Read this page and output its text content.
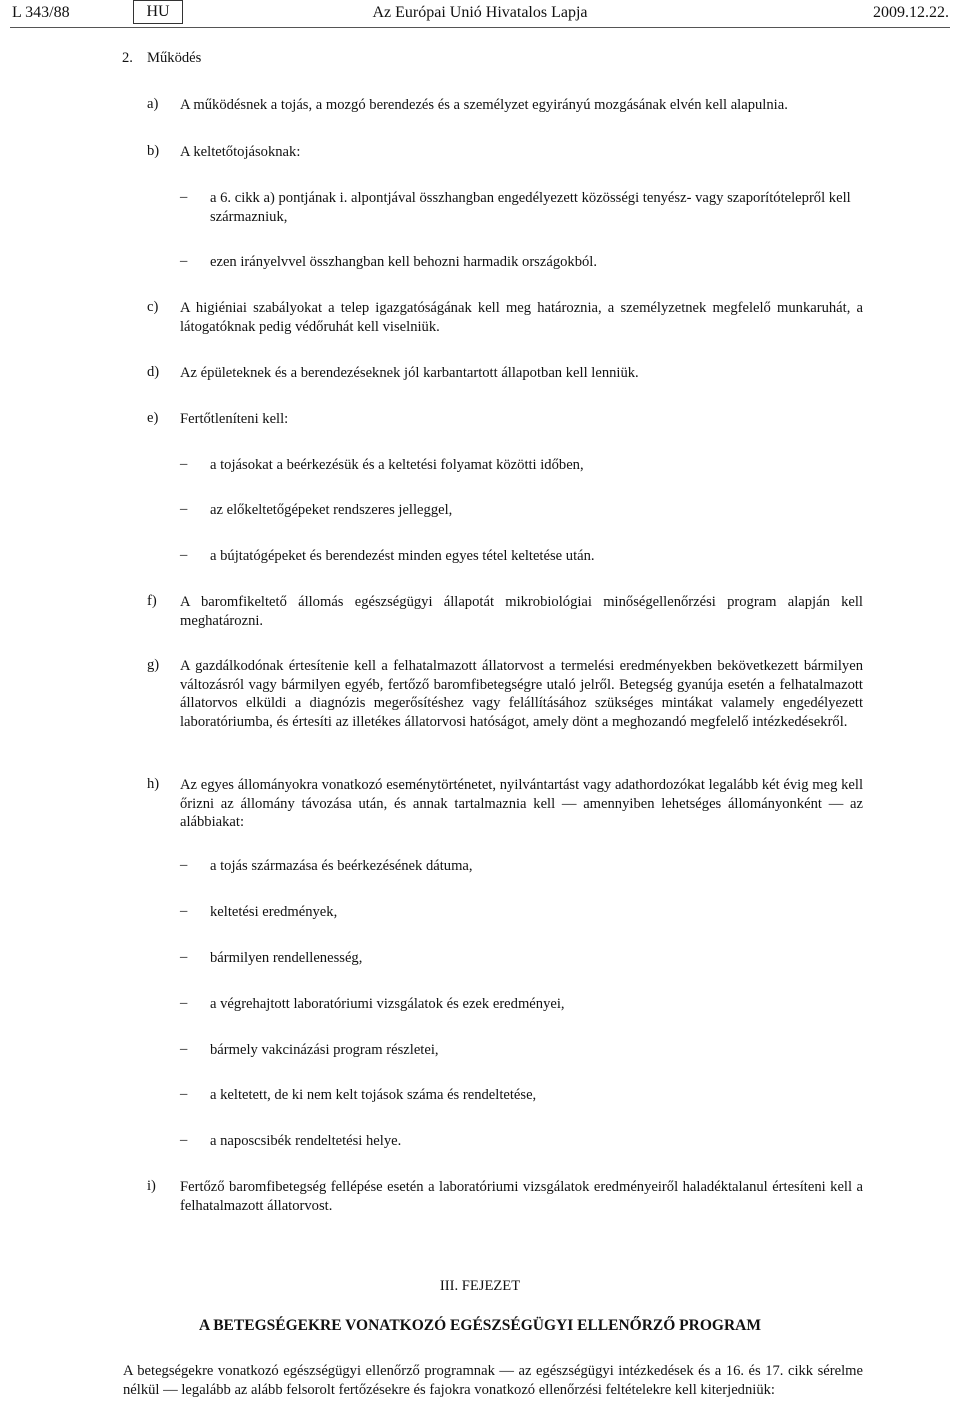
L 343/88	HU	Az Európai Unió Hivatalos Lapja	2009.12.22.
2. Működés
a) A működésnek a tojás, a mozgó berendezés és a személyzet egyirányú mozgásának elvén kell alapulnia.
b) A keltetőtojásoknak:
– a 6. cikk a) pontjának i. alpontjával összhangban engedélyezett közösségi tenyész- vagy szaporítótelepről kell származniuk,
– ezen irányelvvel összhangban kell behozni harmadik országokból.
c) A higiéniai szabályokat a telep igazgatóságának kell meg határoznia, a személyzetnek megfelelő munkaruhát, a látogatóknak pedig védőruhát kell viselniük.
d) Az épületeknek és a berendezéseknek jól karbantartott állapotban kell lenniük.
e) Fertőtleníteni kell:
– a tojásokat a beérkezésük és a keltetési folyamat közötti időben,
– az előkeltetőgépeket rendszeres jelleggel,
– a bújtatógépeket és berendezést minden egyes tétel keltetése után.
f) A baromfikeltető állomás egészségügyi állapotát mikrobiológiai minőségellenőrzési program alapján kell meghatározni.
g) A gazdálkodónak értesítenie kell a felhatalmazott állatorvost a termelési eredményekben bekövetkezett bármilyen változásról vagy bármilyen egyéb, fertőző baromfibetegségre utaló jelről. Betegség gyanúja esetén a felhatalmazott állatorvos elküldi a diagnózis megerősítéshez vagy felállításához szükséges mintákat valamely engedélyezett laboratóriumba, és értesíti az illetékes állatorvosi hatóságot, amely dönt a meghozandó megfelelő intézkedésekről.
h) Az egyes állományokra vonatkozó eseménytörténetet, nyilvántartást vagy adathordozókat legalább két évig meg kell őrizni az állomány távozása után, és annak tartalmaznia kell — amennyiben lehetséges állományonként — az alábbiakat:
– a tojás származása és beérkezésének dátuma,
– keltetési eredmények,
– bármilyen rendellenesség,
– a végrehajtott laboratóriumi vizsgálatok és ezek eredményei,
– bármely vakcinázási program részletei,
– a keltetett, de ki nem kelt tojások száma és rendeltetése,
– a naposcsibék rendeltetési helye.
i) Fertőző baromfibetegség fellépése esetén a laboratóriumi vizsgálatok eredményeiről haladéktalanul értesíteni kell a felhatalmazott állatorvost.
III. FEJEZET
A BETEGSÉGEKRE VONATKOZÓ EGÉSZSÉGÜGYI ELLENŐRZŐ PROGRAM
A betegségekre vonatkozó egészségügyi ellenőrző programnak — az egészségügyi intézkedések és a 16. és 17. cikk sérelme nélkül — legalább az alább felsorolt fertőzésekre és fajokra vonatkozó ellenőrzési feltételekre kell kiterjedniük:
